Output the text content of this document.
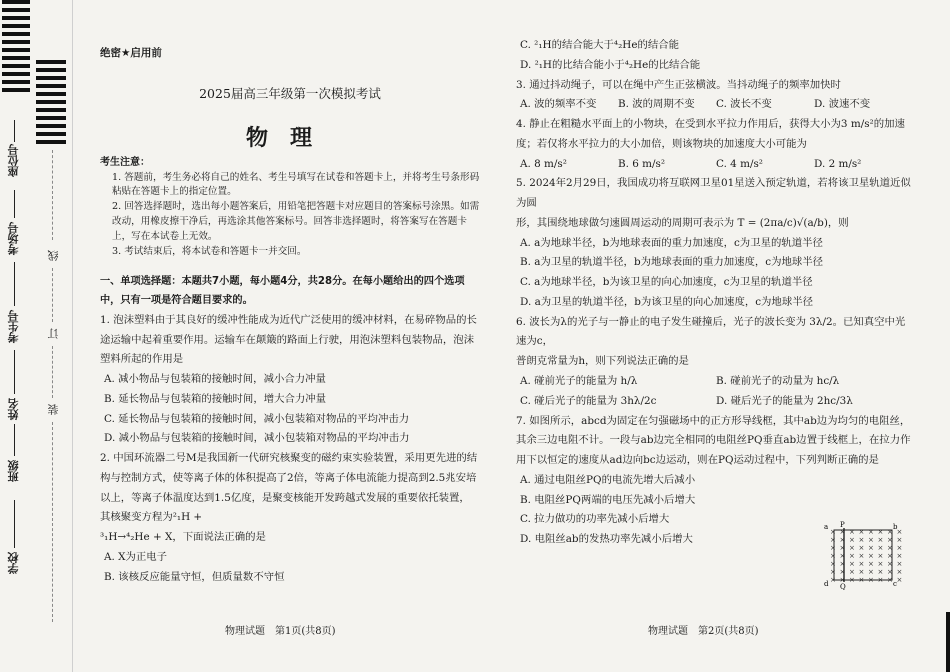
座位号
考场号
考生号
姓名
班级
学校
线
订
装
绝密★启用前
2025届高三年级第一次模拟考试
物理
考生注意：
1. 答题前，考生务必将自己的姓名、考生号填写在试卷和答题卡上，并将考生号条形码粘贴在答题卡上的指定位置。
2. 回答选择题时，选出每小题答案后，用铅笔把答题卡对应题目的答案标号涂黑。如需改动，用橡皮擦干净后，再选涂其他答案标号。回答非选择题时，将答案写在答题卡上，写在本试卷上无效。
3. 考试结束后，将本试卷和答题卡一并交回。

一、单项选择题：本题共7小题，每小题4分，共28分。在每小题给出的四个选项中，只有一项是符合题目要求的。

1. 泡沫塑料由于其良好的缓冲性能成为近代广泛使用的缓冲材料，在易碎物品的长途运输中起着重要作用。运输车在颠簸的路面上行驶，用泡沫塑料包装物品，泡沫塑料所起的作用是

A. 减小物品与包装箱的接触时间，减小合力冲量

B. 延长物品与包装箱的接触时间，增大合力冲量

C. 延长物品与包装箱的接触时间，减小包装箱对物品的平均冲击力

D. 减小物品与包装箱的接触时间，减小包装箱对物品的平均冲击力

2. 中国环流器二号M是我国新一代研究核聚变的磁约束实验装置，采用更先进的结构与控制方式，使等离子体的体积提高了2倍，等离子体电流能力提高到2.5兆安培以上，等离子体温度达到1.5亿度，是聚变核能开发跨越式发展的重要依托装置，其核聚变方程为²₁H +

³₁H→⁴₂He + X，下面说法正确的是

A. X为正电子

B. 该核反应能量守恒，但质量数不守恒

物理试题　第1页(共8页)

C. ²₁H的结合能大于⁴₂He的结合能

D. ²₁H的比结合能小于⁴₂He的比结合能

3. 通过抖动绳子，可以在绳中产生正弦横波。当抖动绳子的频率加快时

A. 波的频率不变	B. 波的周期不变	C. 波长不变	D. 波速不变

4. 静止在粗糙水平面上的小物块，在受到水平拉力作用后，获得大小为3 m/s²的加速度；若仅将水平拉力的大小加倍，则该物块的加速度大小可能为

A. 8 m/s²	B. 6 m/s²	C. 4 m/s²	D. 2 m/s²

5. 2024年2月29日，我国成功将互联网卫星01星送入预定轨道，若将该卫星轨道近似为圆

形，其围绕地球做匀速圆周运动的周期可表示为 T = (2πa/c)√(a/b)，则

A. a为地球半径，b为地球表面的重力加速度，c为卫星的轨道半径

B. a为卫星的轨道半径，b为地球表面的重力加速度，c为地球半径

C. a为地球半径，b为该卫星的向心加速度，c为卫星的轨道半径

D. a为卫星的轨道半径，b为该卫星的向心加速度，c为地球半径

6. 波长为λ的光子与一静止的电子发生碰撞后，光子的波长变为 3λ/2。已知真空中光速为c，

普朗克常量为h，则下列说法正确的是

A. 碰前光子的能量为 h/λ	B. 碰前光子的动量为 hc/λ
C. 碰后光子的能量为 3hλ/2c	D. 碰后光子的能量为 2hc/3λ

7. 如图所示，abcd为固定在匀强磁场中的正方形导线框，其中ab边为均匀的电阻丝，其余三边电阻不计。一段与ab边完全相同的电阻丝PQ垂直ab边置于线框上，在拉力作用下以恒定的速度从ad边向bc边运动，则在PQ运动过程中，下列判断正确的是

A. 通过电阻丝PQ的电流先增大后减小

B. 电阻丝PQ两端的电压先减小后增大

C. 拉力做功的功率先减小后增大

D. 电阻丝ab的发热功率先减小后增大

× × × × × × × ×
× × × × × × × ×
× × × × × × × ×
× × × × × × × ×
× × × × × × × ×
× × × × × × × ×
× × × × × × × ×
a	b
d	c
P
Q
物理试题　第2页(共8页)
